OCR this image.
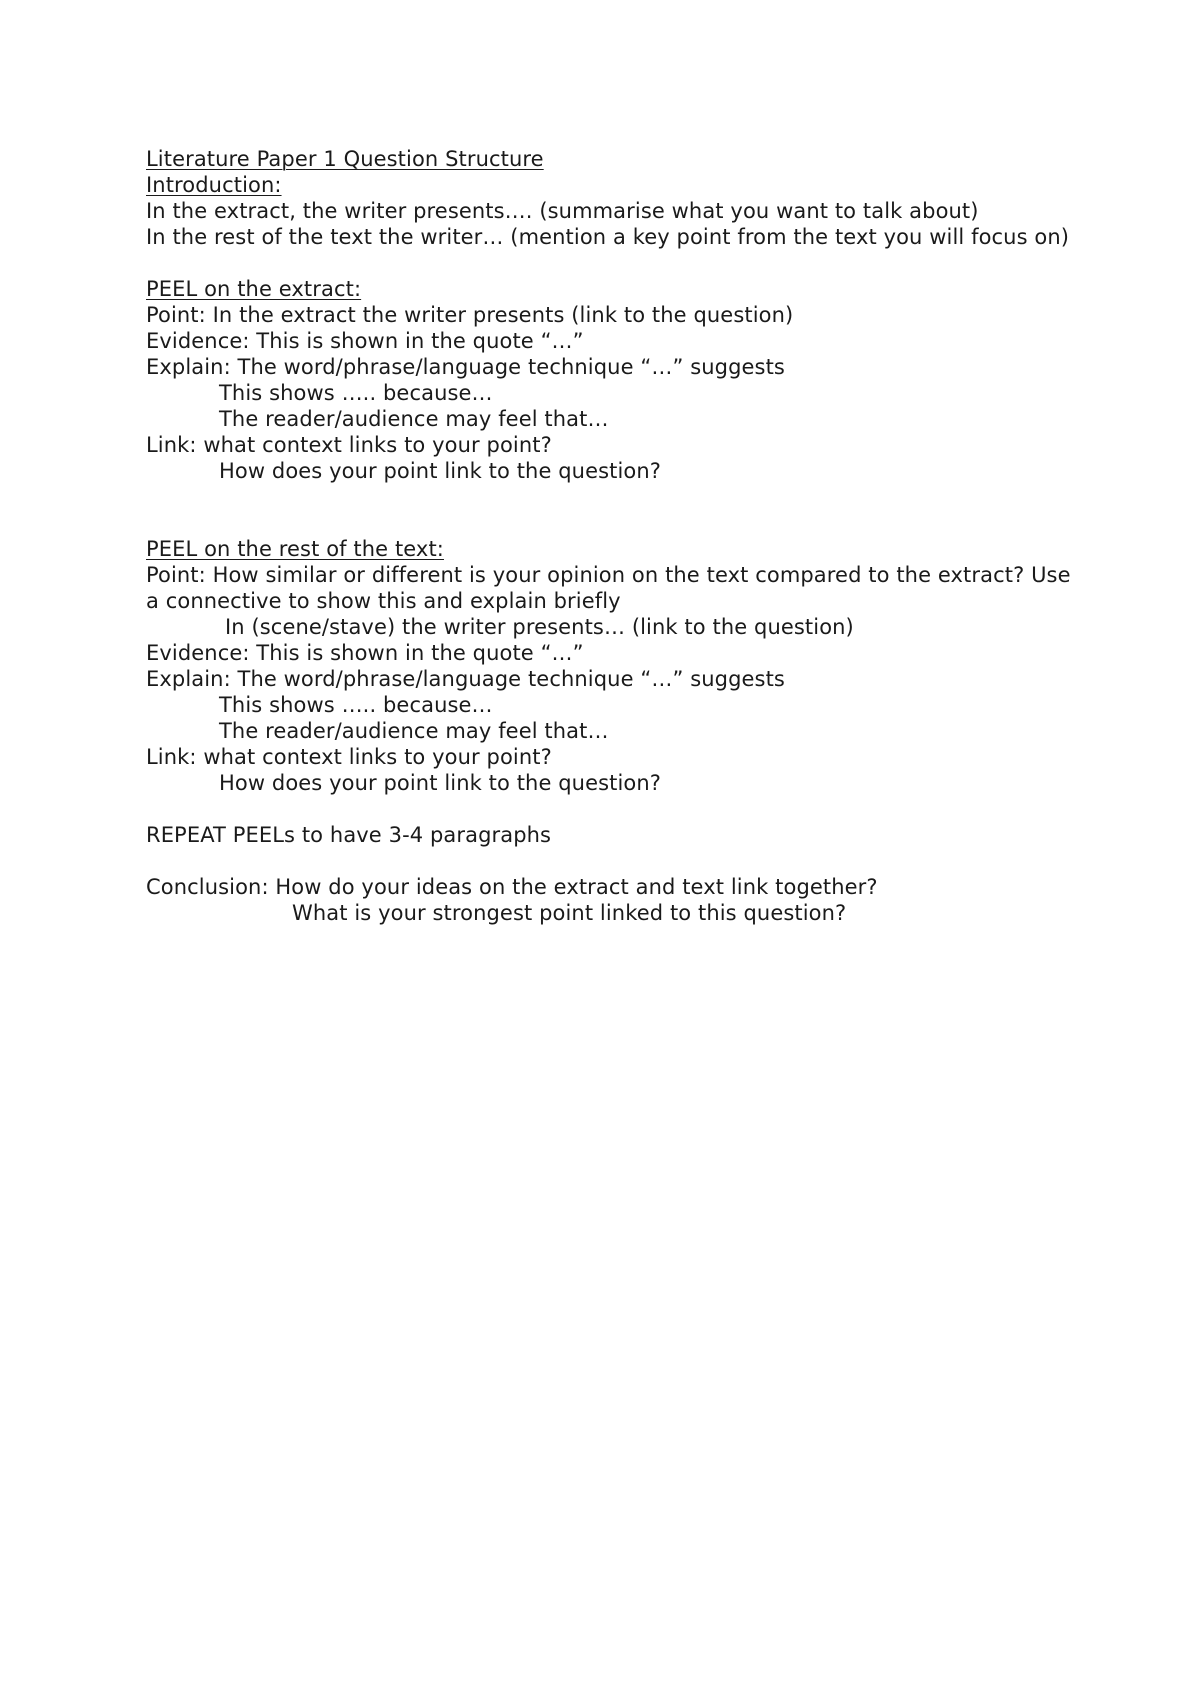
Literature Paper 1 Question Structure

Introduction:

In the extract, the writer presents…. (summarise what you want to talk about)

In the rest of the text the writer… (mention a key point from the text you will focus on)

PEEL on the extract:

Point: In the extract the writer presents (link to the question)

Evidence: This is shown in the quote “…”

Explain: The word/phrase/language technique “…” suggests

This shows ….. because…

The reader/audience may feel that…

Link: what context links to your point?

How does your point link to the question?

PEEL on the rest of the text:

Point: How similar or different is your opinion on the text compared to the extract? Use a connective to show this and explain briefly

In (scene/stave) the writer presents… (link to the question)

Evidence: This is shown in the quote “…”

Explain: The word/phrase/language technique “…” suggests

This shows ….. because…

The reader/audience may feel that…

Link: what context links to your point?

How does your point link to the question?

REPEAT PEELs to have 3-4 paragraphs

Conclusion: How do your ideas on the extract and text link together?

What is your strongest point linked to this question?
